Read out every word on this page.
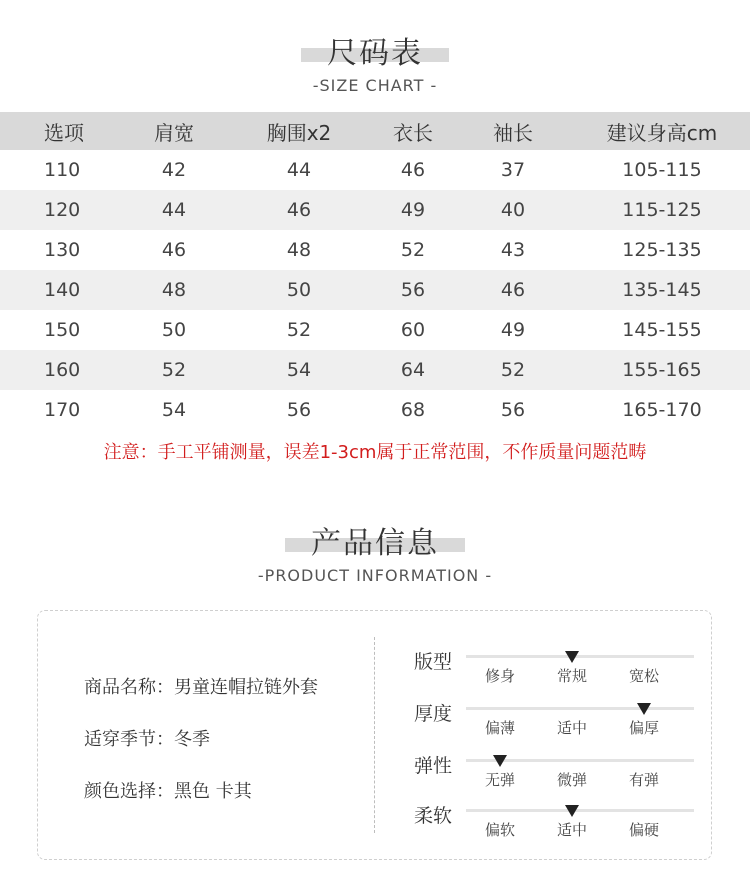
尺码表
-SIZE CHART -
选项	肩宽	胸围x2	衣长	袖长	建议身高cm
110	42	44	46	37	105-115
120	44	46	49	40	115-125
130	46	48	52	43	125-135
140	48	50	56	46	135-145
150	50	52	60	49	145-155
160	52	54	64	52	155-165
170	54	56	68	56	165-170
注意：手工平铺测量，误差1-3cm属于正常范围，不作质量问题范畴
产品信息
-PRODUCT INFORMATION -
商品名称：男童连帽拉链外套
适穿季节：冬季
颜色选择：黑色 卡其
版型
修身	常规	宽松
厚度
偏薄	适中	偏厚
弹性
无弹	微弹	有弹
柔软
偏软	适中	偏硬
